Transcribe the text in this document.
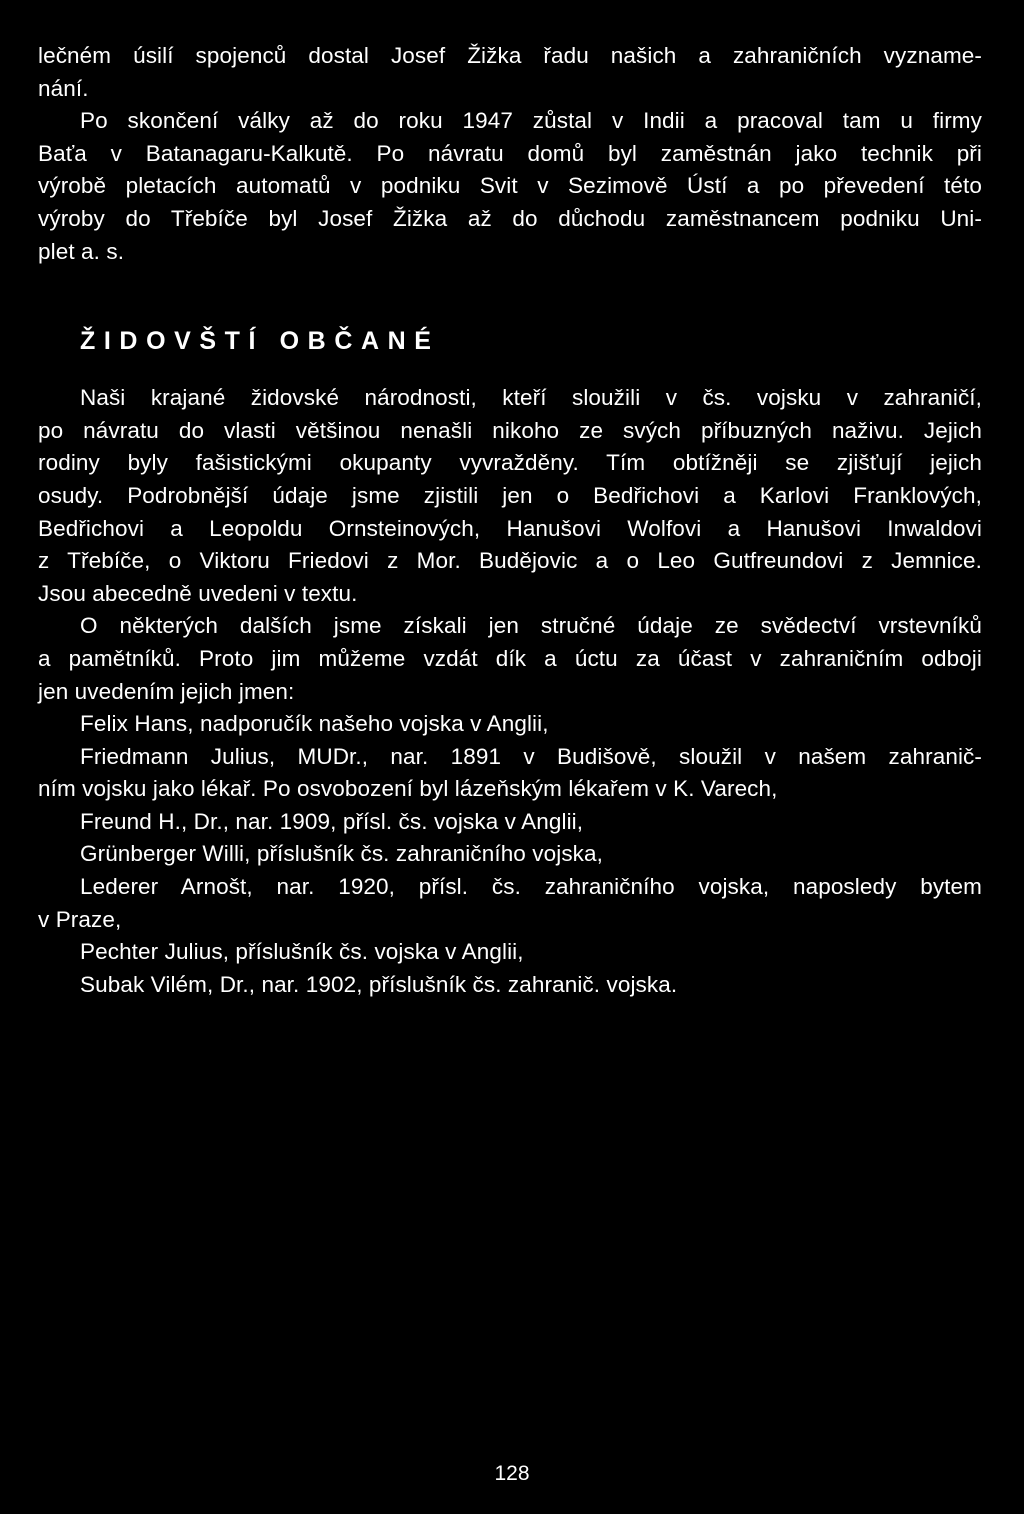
lečném úsilí spojenců dostal Josef Žižka řadu našich a zahraničních vyzname-
nání.
Po skončení války až do roku 1947 zůstal v Indii a pracoval tam u firmy
Baťa v Batanagaru-Kalkutě. Po návratu domů byl zaměstnán jako technik při
výrobě pletacích automatů v podniku Svit v Sezimově Ústí a po převedení této
výroby do Třebíče byl Josef Žižka až do důchodu zaměstnancem podniku Uni-
plet a. s.
ŽIDOVŠTÍ OBČANÉ
Naši krajané židovské národnosti, kteří sloužili v čs. vojsku v zahraničí,
po návratu do vlasti většinou nenašli nikoho ze svých příbuzných naživu. Jejich
rodiny byly fašistickými okupanty vyvražděny. Tím obtížněji se zjišťují jejich
osudy. Podrobnější údaje jsme zjistili jen o Bedřichovi a Karlovi Franklových,
Bedřichovi a Leopoldu Ornsteinových, Hanušovi Wolfovi a Hanušovi Inwaldovi
z Třebíče, o Viktoru Friedovi z Mor. Budějovic a o Leo Gutfreundovi z Jemnice.
Jsou abecedně uvedeni v textu.
O některých dalších jsme získali jen stručné údaje ze svědectví vrstevníků
a pamětníků. Proto jim můžeme vzdát dík a úctu za účast v zahraničním odboji
jen uvedením jejich jmen:
Felix Hans, nadporučík našeho vojska v Anglii,
Friedmann Julius, MUDr., nar. 1891 v Budišově, sloužil v našem zahranič-
ním vojsku jako lékař. Po osvobození byl lázeňským lékařem v K. Varech,
Freund H., Dr., nar. 1909, přísl. čs. vojska v Anglii,
Grünberger Willi, příslušník čs. zahraničního vojska,
Lederer Arnošt, nar. 1920, přísl. čs. zahraničního vojska, naposledy bytem
v Praze,
Pechter Julius, příslušník čs. vojska v Anglii,
Subak Vilém, Dr., nar. 1902, příslušník čs. zahranič. vojska.
128
